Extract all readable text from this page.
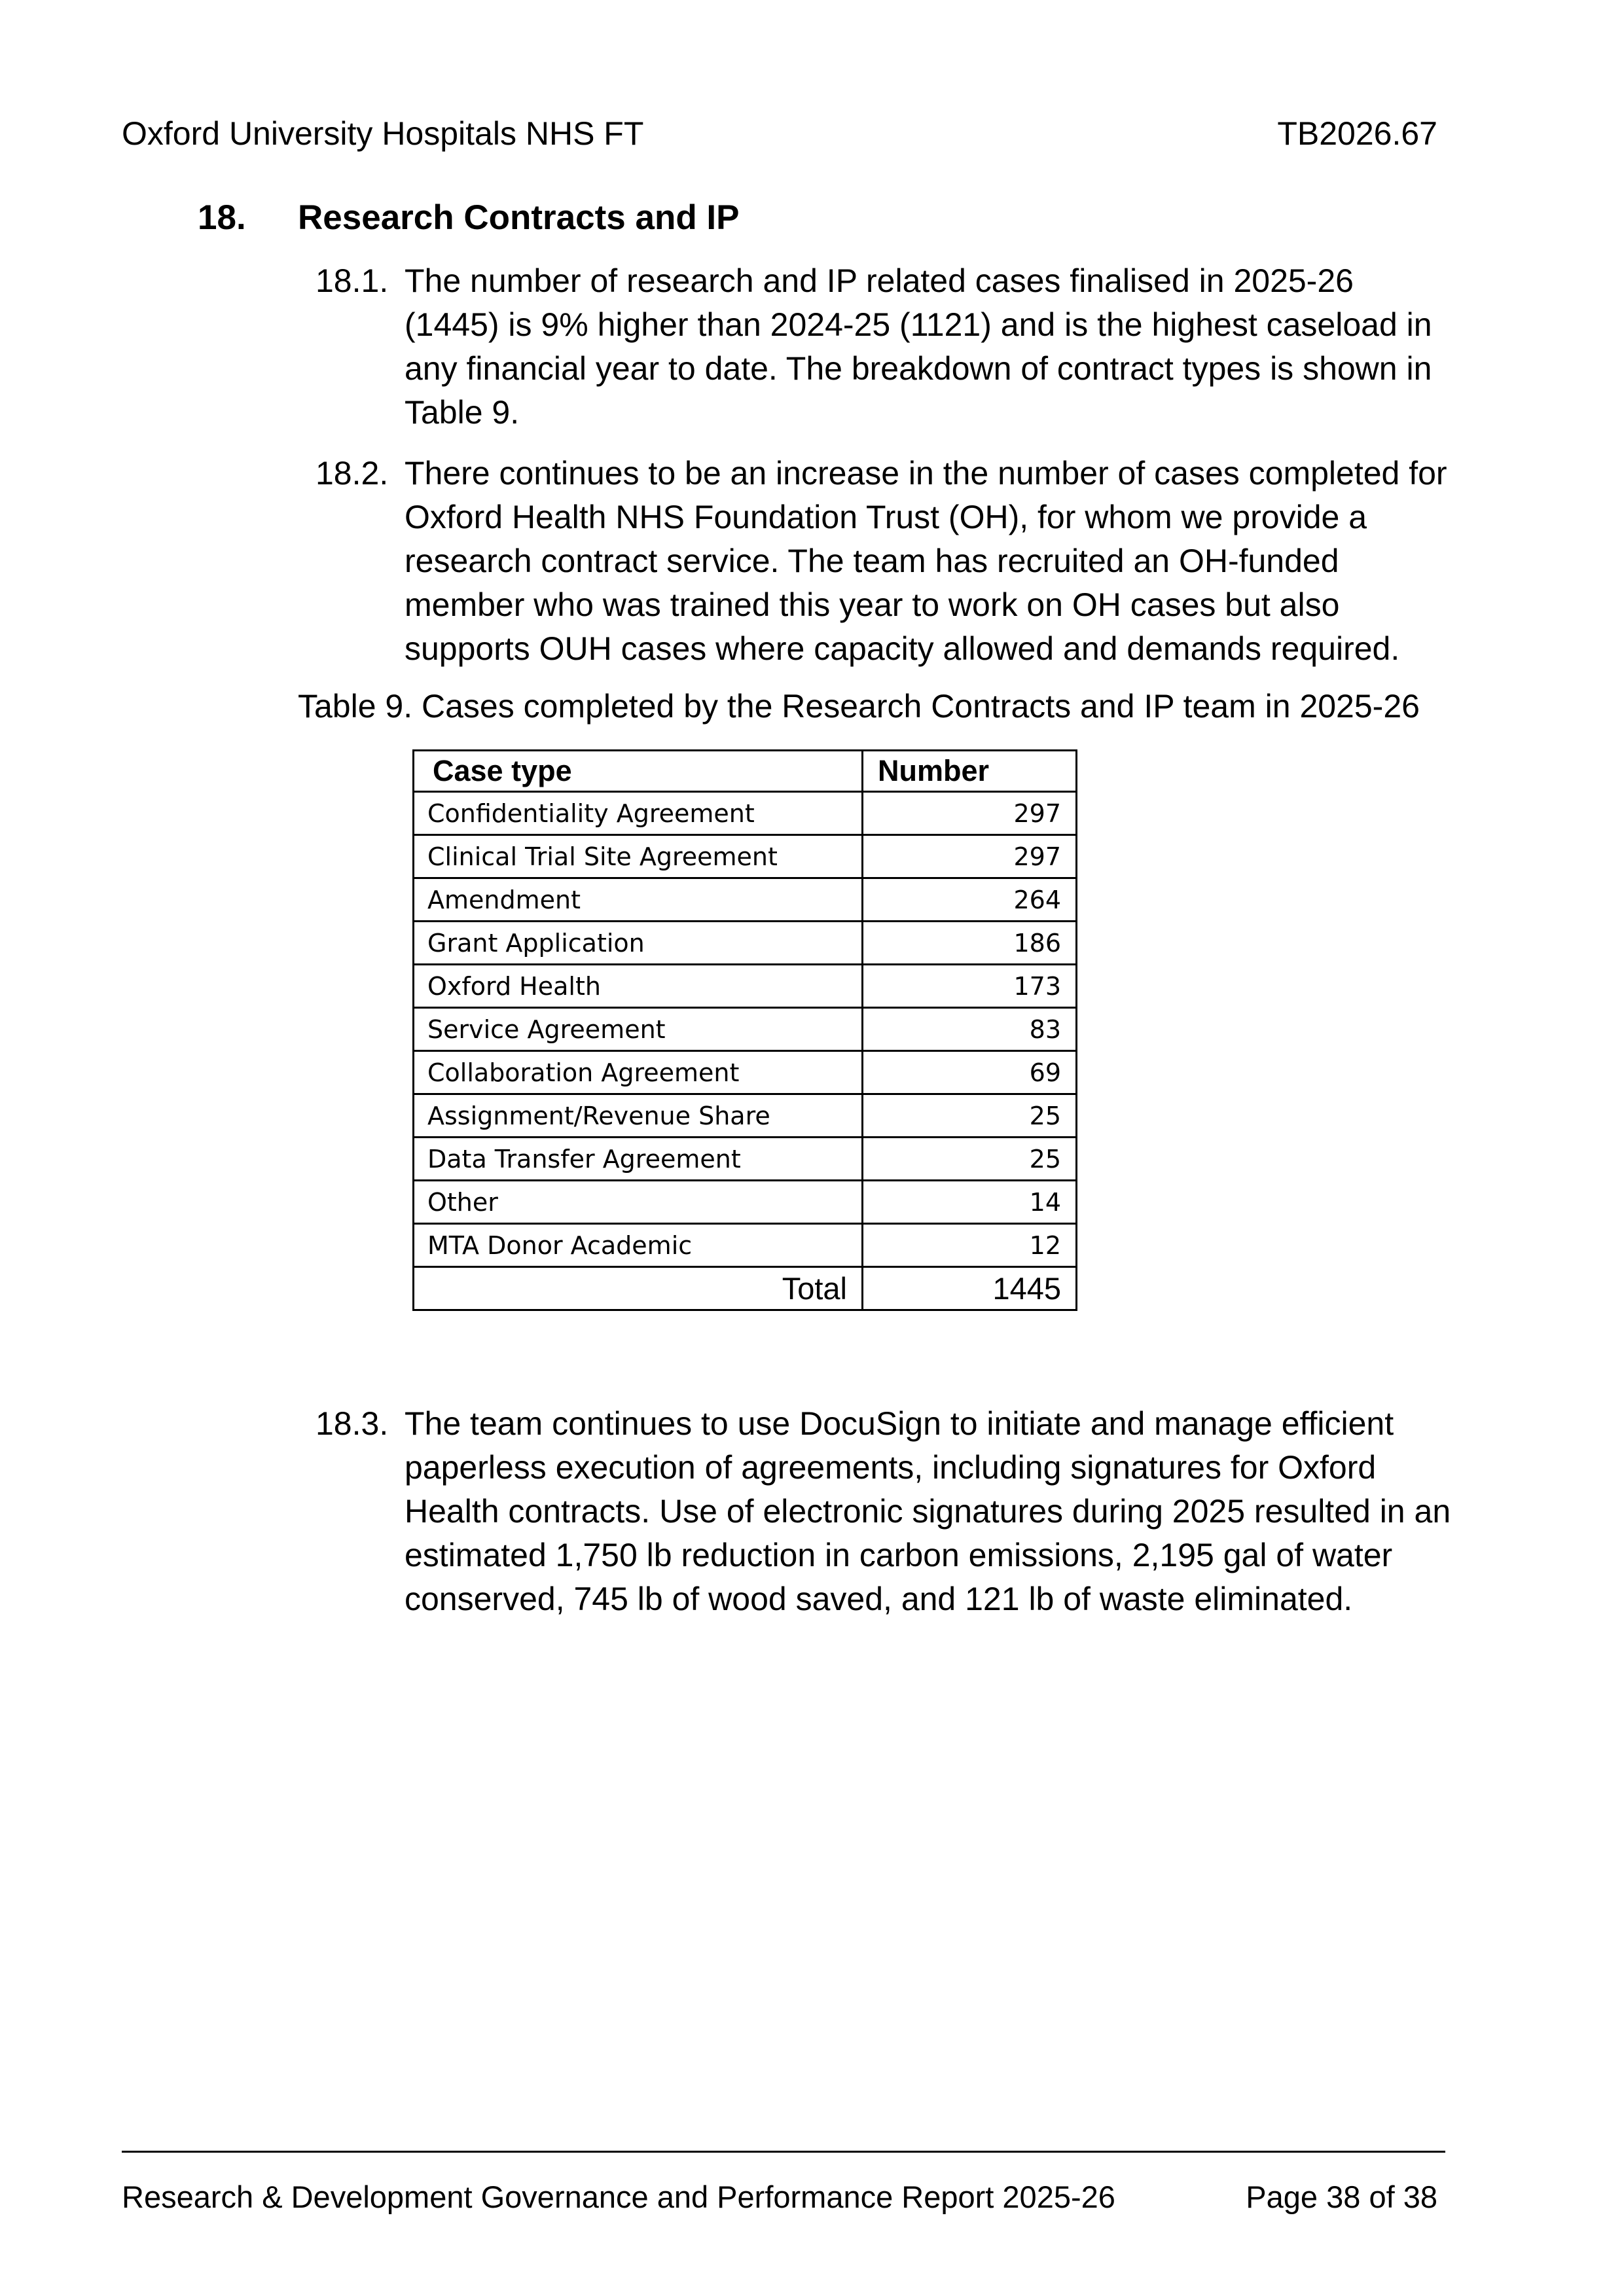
Oxford University Hospitals NHS FT	TB2026.67
18. Research Contracts and IP
18.1. The number of research and IP related cases finalised in 2025-26 (1445) is 9% higher than 2024-25 (1121) and is the highest caseload in any financial year to date. The breakdown of contract types is shown in Table 9.
18.2. There continues to be an increase in the number of cases completed for Oxford Health NHS Foundation Trust (OH), for whom we provide a research contract service. The team has recruited an OH-funded member who was trained this year to work on OH cases but also supports OUH cases where capacity allowed and demands required.
Table 9. Cases completed by the Research Contracts and IP team in 2025-26
Case type	Number
Confidentiality Agreement	297
Clinical Trial Site Agreement	297
Amendment	264
Grant Application	186
Oxford Health	173
Service Agreement	83
Collaboration Agreement	69
Assignment/Revenue Share	25
Data Transfer Agreement	25
Other	14
MTA Donor Academic	12
Total	1445
18.3. The team continues to use DocuSign to initiate and manage efficient paperless execution of agreements, including signatures for Oxford Health contracts. Use of electronic signatures during 2025 resulted in an estimated 1,750 lb reduction in carbon emissions, 2,195 gal of water conserved, 745 lb of wood saved, and 121 lb of waste eliminated.
Research & Development Governance and Performance Report 2025-26	Page 38 of 38
